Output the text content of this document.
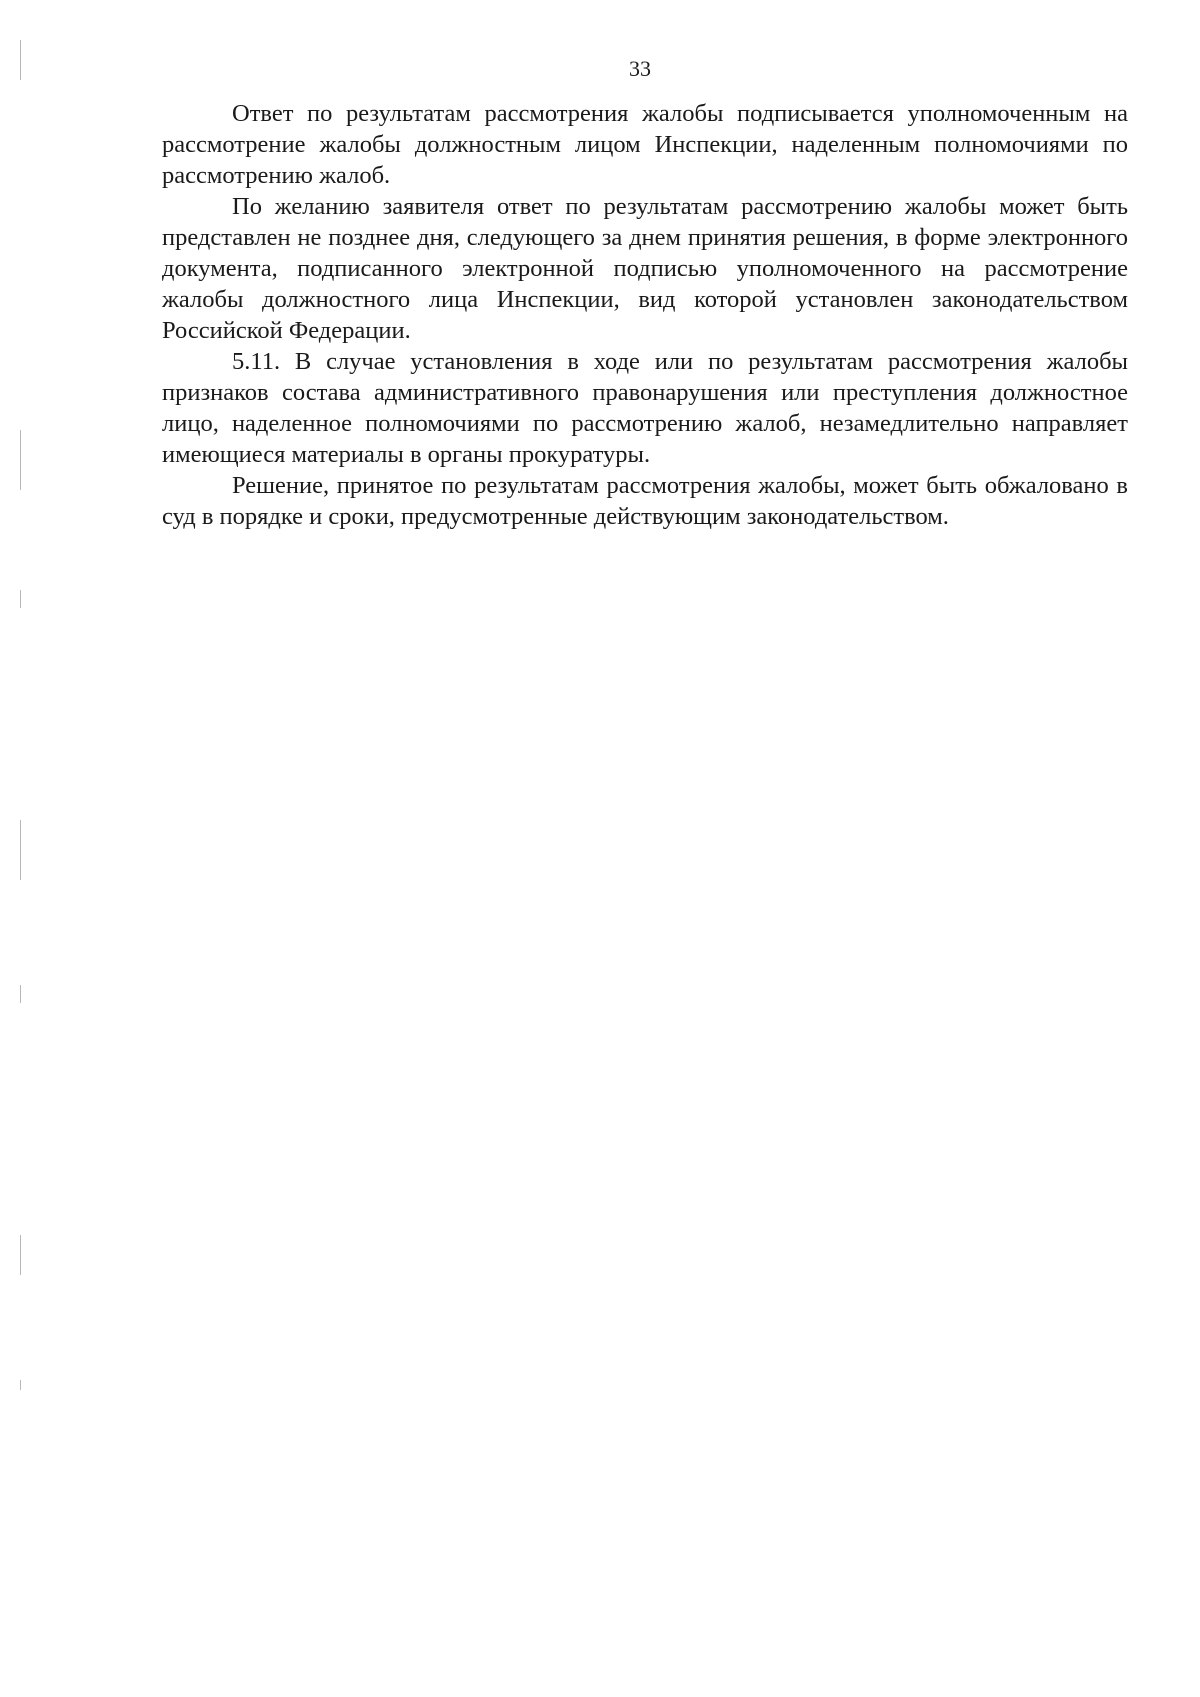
33

Ответ по результатам рассмотрения жалобы подписывается уполномоченным на рассмотрение жалобы должностным лицом Инспекции, наделенным полномочиями по рассмотрению жалоб.

По желанию заявителя ответ по результатам рассмотрению жалобы может быть представлен не позднее дня, следующего за днем принятия решения, в форме электронного документа, подписанного электронной подписью уполномоченного на рассмотрение жалобы должностного лица Инспекции, вид которой установлен законодательством Российской Федерации.

5.11. В случае установления в ходе или по результатам рассмотрения жалобы признаков состава административного правонарушения или преступления должностное лицо, наделенное полномочиями по рассмотрению жалоб, незамедлительно направляет имеющиеся материалы в органы прокуратуры.

Решение, принятое по результатам рассмотрения жалобы, может быть обжаловано в суд в порядке и сроки, предусмотренные действующим законодательством.
